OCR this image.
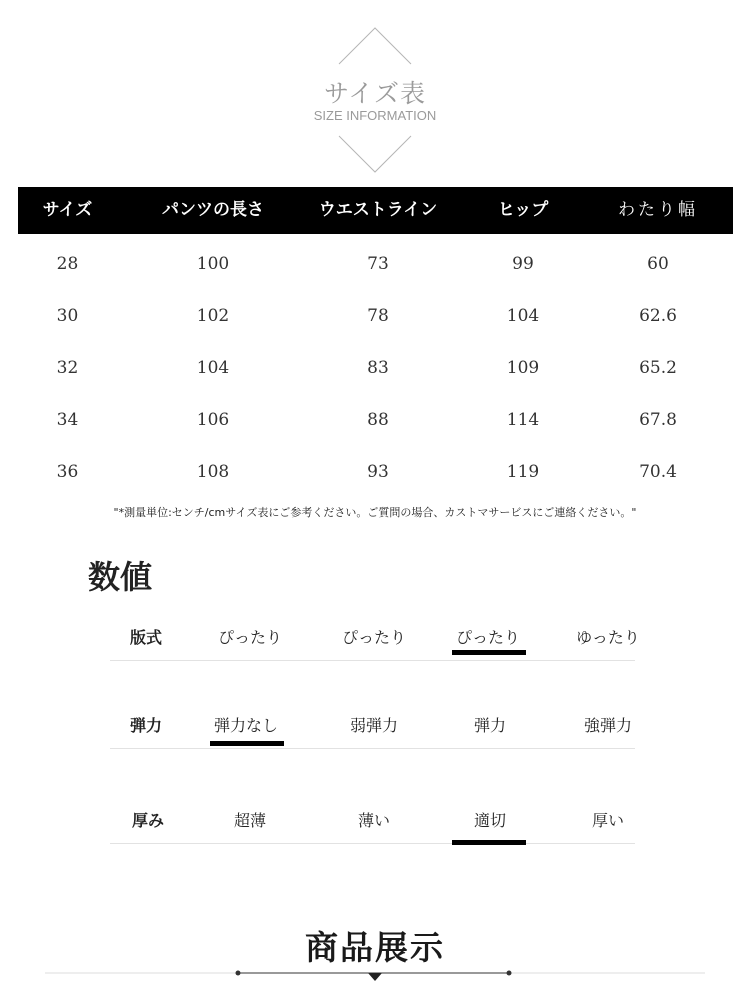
サイズ表
SIZE INFORMATION
サイズ	パンツの長さ	ウエストライン	ヒップ	わたり幅
28	100	73	99	60
30	102	78	104	62.6
32	104	83	109	65.2
34	106	88	114	67.8
36	108	93	119	70.4
"*測量単位:センチ/cmサイズ表にご参考ください。ご質問の場合、カストマサービスにご連絡ください。"
数値
版式	ぴったり	ぴったり	ぴったり	ゆったり
弾力	弾力なし	弱弾力	弾力	強弾力
厚み	超薄	薄い	適切	厚い
商品展示
